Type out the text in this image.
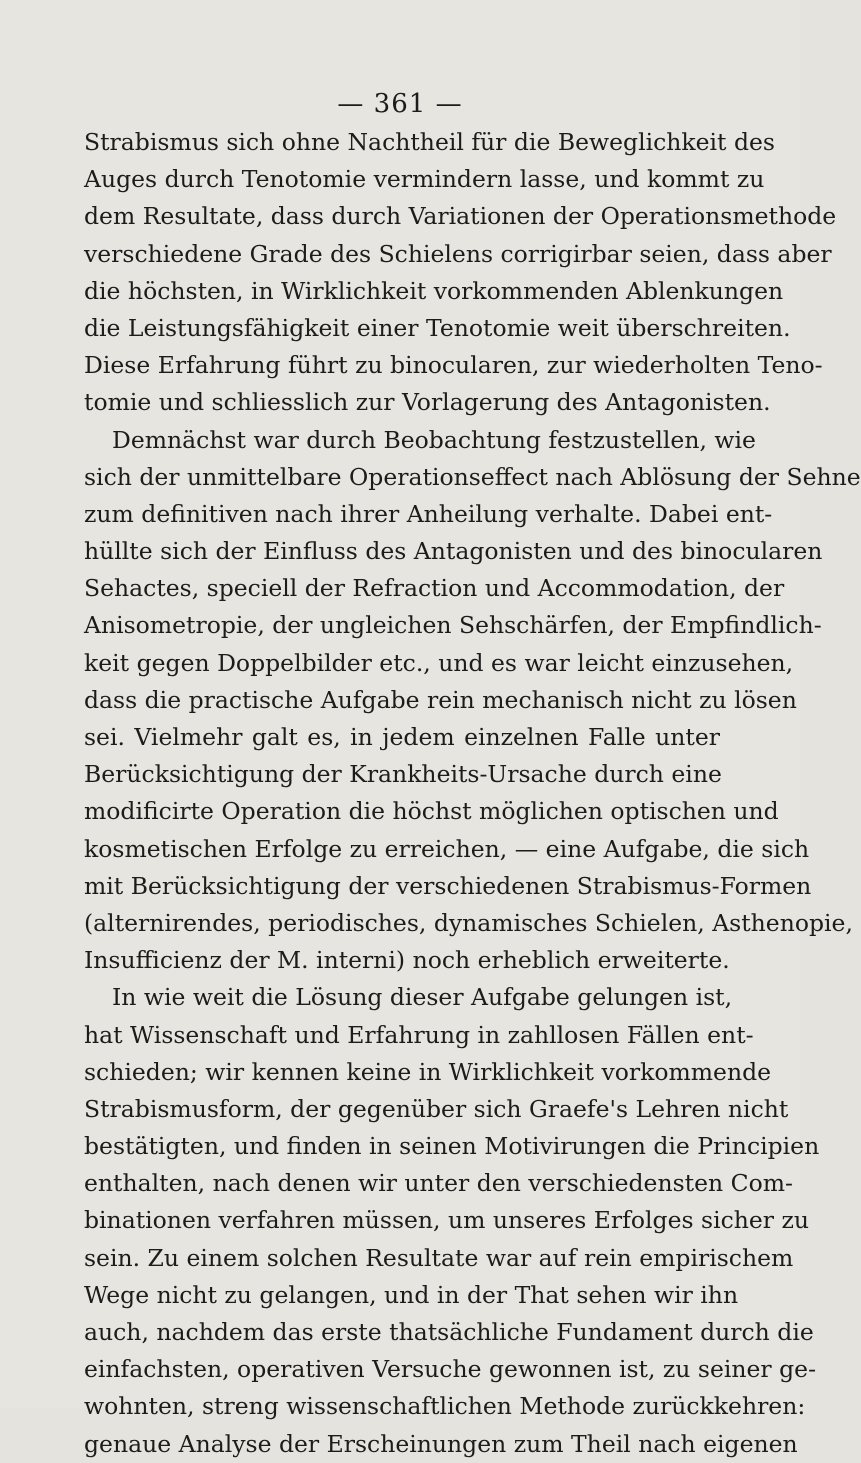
— 361 —
Strabismus sich ohne Nachtheil für die Beweglichkeit des
Auges durch Tenotomie vermindern lasse, und kommt zu
dem Resultate, dass durch Variationen der Operationsmethode
verschiedene Grade des Schielens corrigirbar seien, dass aber
die höchsten, in Wirklichkeit vorkommenden Ablenkungen
die Leistungsfähigkeit einer Tenotomie weit überschreiten.
Diese Erfahrung führt zu binocularen, zur wiederholten Teno-
tomie und schliesslich zur Vorlagerung des Antagonisten.
Demnächst war durch Beobachtung festzustellen, wie
sich der unmittelbare Operationseffect nach Ablösung der Sehne
zum definitiven nach ihrer Anheilung verhalte. Dabei ent-
hüllte sich der Einfluss des Antagonisten und des binocularen
Sehactes, speciell der Refraction und Accommodation, der
Anisometropie, der ungleichen Sehschärfen, der Empfindlich-
keit gegen Doppelbilder etc., und es war leicht einzusehen,
dass die practische Aufgabe rein mechanisch nicht zu lösen
sei. Vielmehr galt es, in jedem einzelnen Falle unter
Berücksichtigung der Krankheits-Ursache durch eine
modificirte Operation die höchst möglichen optischen und
kosmetischen Erfolge zu erreichen, — eine Aufgabe, die sich
mit Berücksichtigung der verschiedenen Strabismus-Formen
(alternirendes, periodisches, dynamisches Schielen, Asthenopie,
Insufficienz der M. interni) noch erheblich erweiterte.
In wie weit die Lösung dieser Aufgabe gelungen ist,
hat Wissenschaft und Erfahrung in zahllosen Fällen ent-
schieden; wir kennen keine in Wirklichkeit vorkommende
Strabismusform, der gegenüber sich Graefe's Lehren nicht
bestätigten, und finden in seinen Motivirungen die Principien
enthalten, nach denen wir unter den verschiedensten Com-
binationen verfahren müssen, um unseres Erfolges sicher zu
sein. Zu einem solchen Resultate war auf rein empirischem
Wege nicht zu gelangen, und in der That sehen wir ihn
auch, nachdem das erste thatsächliche Fundament durch die
einfachsten, operativen Versuche gewonnen ist, zu seiner ge-
wohnten, streng wissenschaftlichen Methode zurückkehren:
genaue Analyse der Erscheinungen zum Theil nach eigenen
